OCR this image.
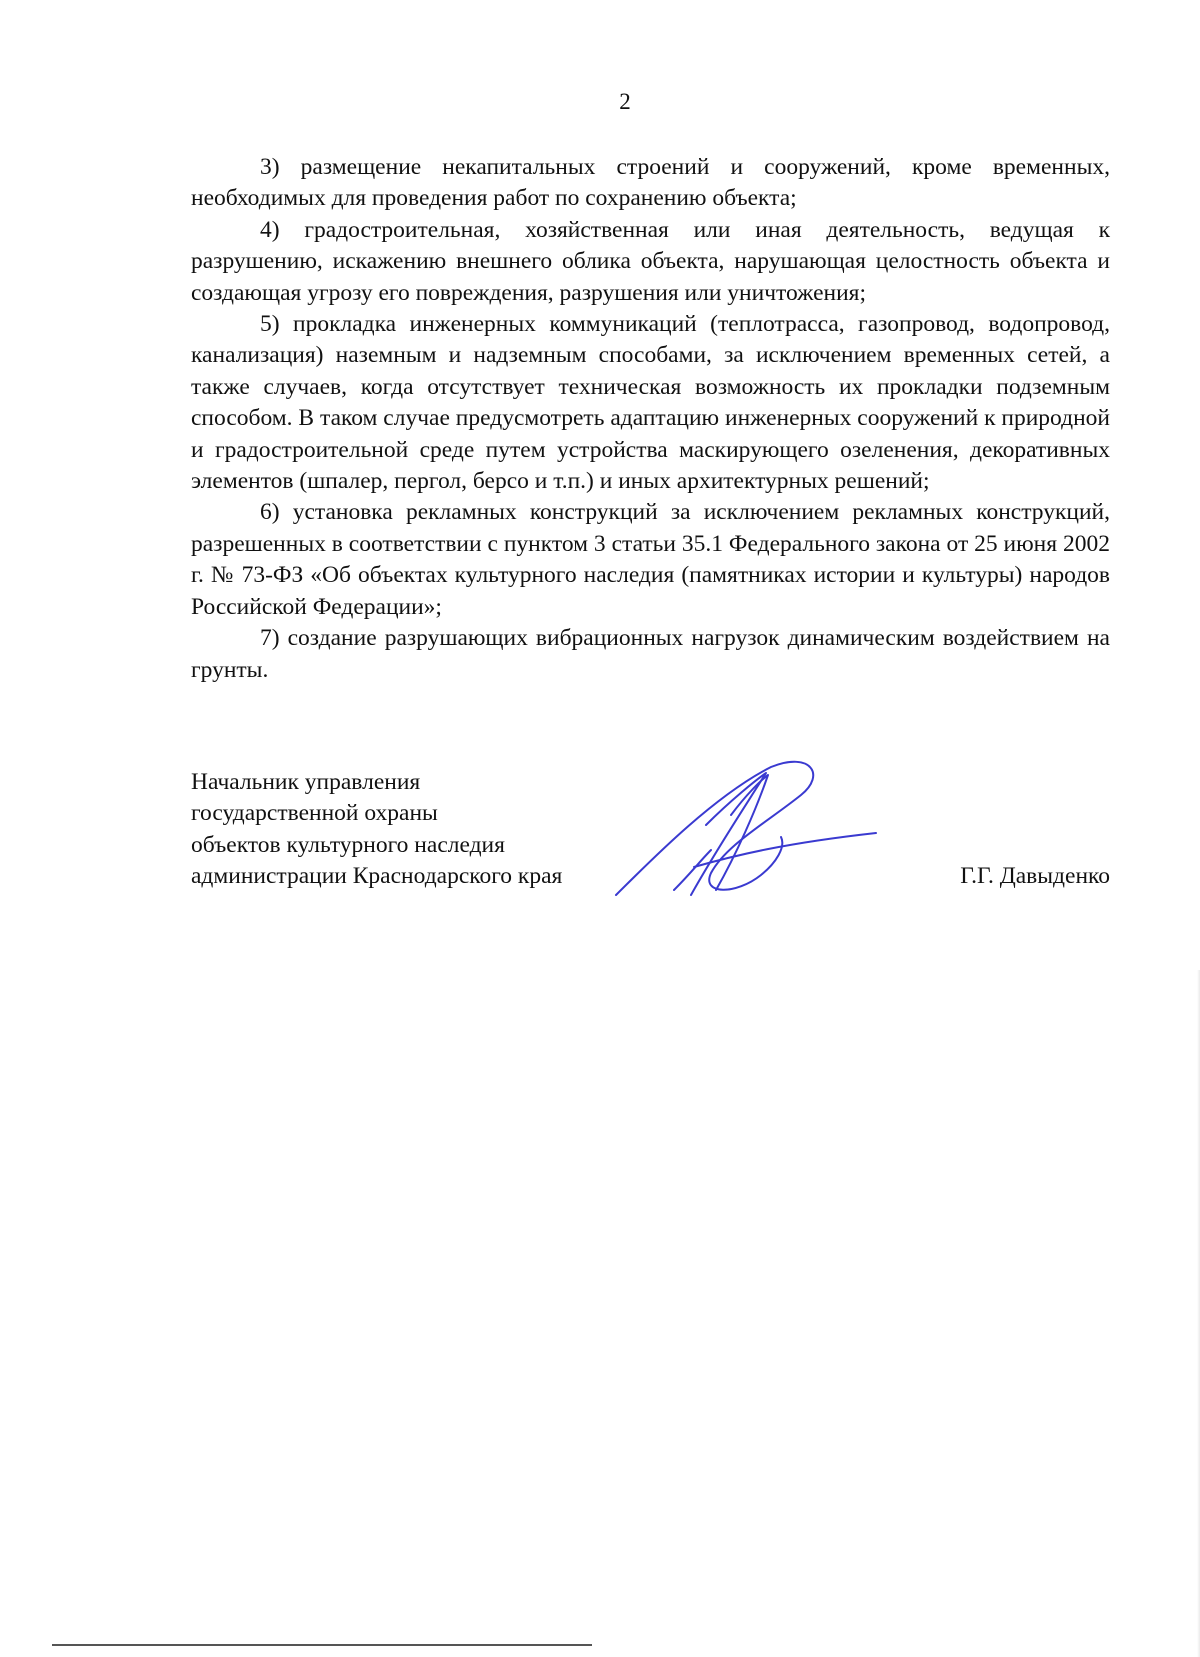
2

3) размещение некапитальных строений и сооружений, кроме временных, необходимых для проведения работ по сохранению объекта;

4) градостроительная, хозяйственная или иная деятельность, ведущая к разрушению, искажению внешнего облика объекта, нарушающая целостность объекта и создающая угрозу его повреждения, разрушения или уничтожения;

5) прокладка инженерных коммуникаций (теплотрасса, газопровод, водопровод, канализация) наземным и надземным способами, за исключением временных сетей, а также случаев, когда отсутствует техническая возможность их прокладки подземным способом. В таком случае предусмотреть адаптацию инженерных сооружений к природной и градостроительной среде путем устройства маскирующего озеленения, декоративных элементов (шпалер, пергол, берсо и т.п.) и иных архитектурных решений;

6) установка рекламных конструкций за исключением рекламных конструкций, разрешенных в соответствии с пунктом 3 статьи 35.1 Федерального закона от 25 июня 2002 г. № 73-ФЗ «Об объектах культурного наследия (памятниках истории и культуры) народов Российской Федерации»;

7) создание разрушающих вибрационных нагрузок динамическим воздействием на грунты.

Начальник управления
государственной охраны
объектов культурного наследия
администрации Краснодарского края	Г.Г. Давыденко
